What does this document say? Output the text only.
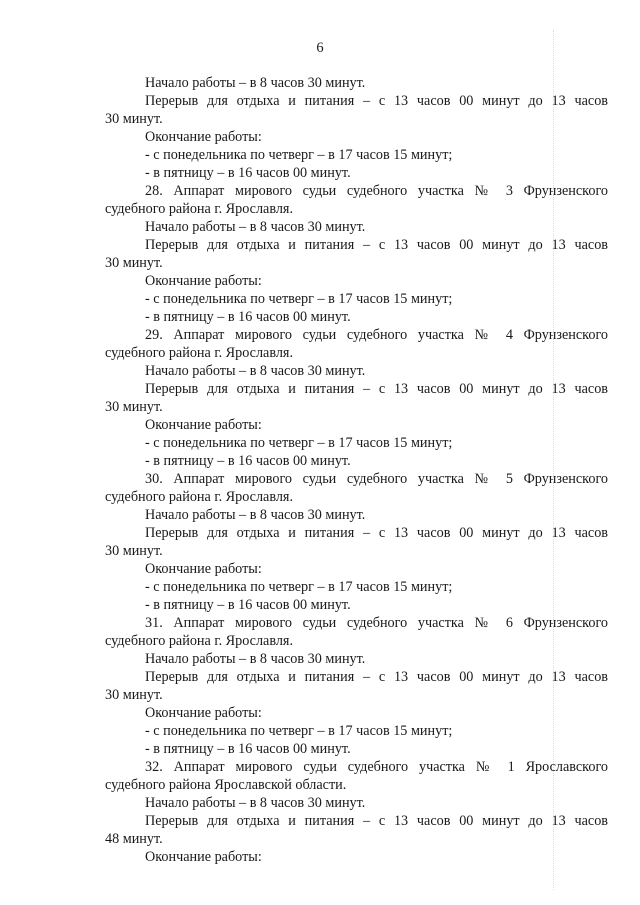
6

Начало работы – в 8 часов 30 минут.

Перерыв для отдыха и питания – с 13 часов 00 минут до 13 часов

30 минут.

Окончание работы:

- с понедельника по четверг – в 17 часов 15 минут;

- в пятницу – в 16 часов 00 минут.

28. Аппарат мирового судьи судебного участка № 3 Фрунзенского

судебного района г. Ярославля.

Начало работы – в 8 часов 30 минут.

Перерыв для отдыха и питания – с 13 часов 00 минут до 13 часов

30 минут.

Окончание работы:

- с понедельника по четверг – в 17 часов 15 минут;

- в пятницу – в 16 часов 00 минут.

29. Аппарат мирового судьи судебного участка № 4 Фрунзенского

судебного района г. Ярославля.

Начало работы – в 8 часов 30 минут.

Перерыв для отдыха и питания – с 13 часов 00 минут до 13 часов

30 минут.

Окончание работы:

- с понедельника по четверг – в 17 часов 15 минут;

- в пятницу – в 16 часов 00 минут.

30. Аппарат мирового судьи судебного участка № 5 Фрунзенского

судебного района г. Ярославля.

Начало работы – в 8 часов 30 минут.

Перерыв для отдыха и питания – с 13 часов 00 минут до 13 часов

30 минут.

Окончание работы:

- с понедельника по четверг – в 17 часов 15 минут;

- в пятницу – в 16 часов 00 минут.

31. Аппарат мирового судьи судебного участка № 6 Фрунзенского

судебного района г. Ярославля.

Начало работы – в 8 часов 30 минут.

Перерыв для отдыха и питания – с 13 часов 00 минут до 13 часов

30 минут.

Окончание работы:

- с понедельника по четверг – в 17 часов 15 минут;

- в пятницу – в 16 часов 00 минут.

32. Аппарат мирового судьи судебного участка № 1 Ярославского

судебного района Ярославской области.

Начало работы – в 8 часов 30 минут.

Перерыв для отдыха и питания – с 13 часов 00 минут до 13 часов

48 минут.

Окончание работы:
